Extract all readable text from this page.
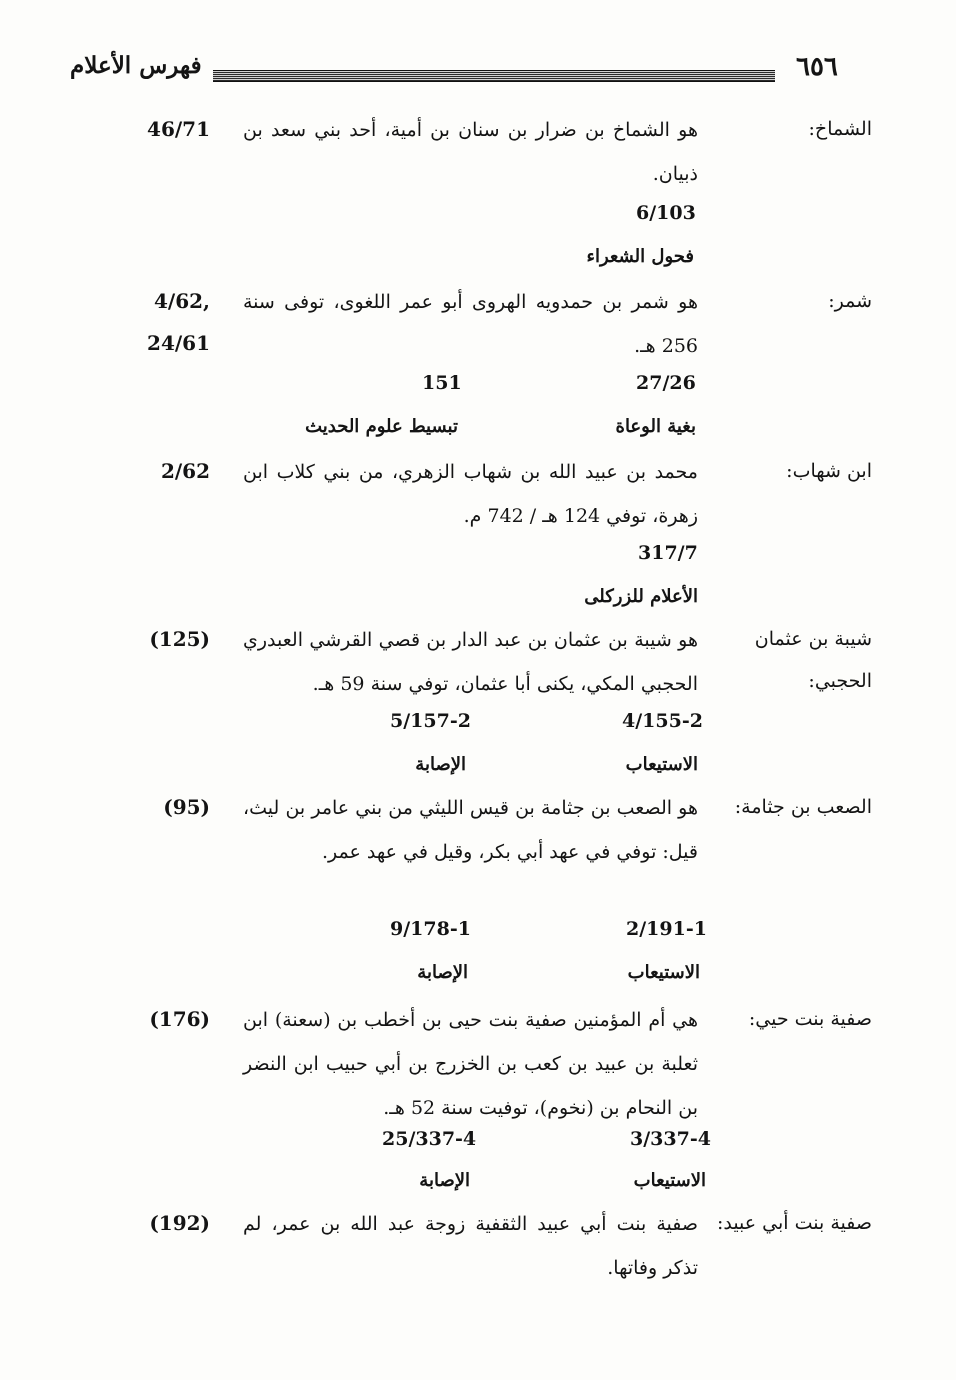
٦٥٦
فهرس الأعلام
الشماخ:
هو الشماخ بن ضرار بن سنان بن أمية، أحد بني سعد بن ذبيان.
46/71
6/103
فحول الشعراء
شمر:
هو شمر بن حمدويه الهروى أبو عمر اللغوى، توفى سنة 256 هـ.
4/62, 24/61
27/26
151
بغية الوعاة
تبسيط علوم الحديث
ابن شهاب:
محمد بن عبيد الله بن شهاب الزهري، من بني كلاب ابن زهرة، توفي 124 هـ / 742 م.
2/62
317/7
الأعلام للزركلى
شيبة بن عثمان الحجبي:
هو شيبة بن عثمان بن عبد الدار بن قصي القرشي العبدري الحجبي المكي، يكنى أبا عثمان، توفي سنة 59 هـ.
(125)
4/155-2
5/157-2
الاستيعاب
الإصابة
الصعب بن جثامة:
هو الصعب بن جثامة بن قيس الليثي من بني عامر بن ليث، قيل: توفي في عهد أبي بكر، وقيل في عهد عمر.
(95)
2/191-1
9/178-1
الاستيعاب
الإصابة
صفية بنت حيي:
هي أم المؤمنين صفية بنت حيى بن أخطب بن (سعنة) ابن ثعلبة بن عبيد بن كعب بن الخزرج بن أبي حبيب ابن النضر بن النحام بن (نخوم)، توفيت سنة 52 هـ.
(176)
3/337-4
25/337-4
الاستيعاب
الإصابة
صفية بنت أبي عبيد:
صفية بنت أبي عبيد الثقفية زوجة عبد الله بن عمر، لم تذكر وفاتها.
(192)
